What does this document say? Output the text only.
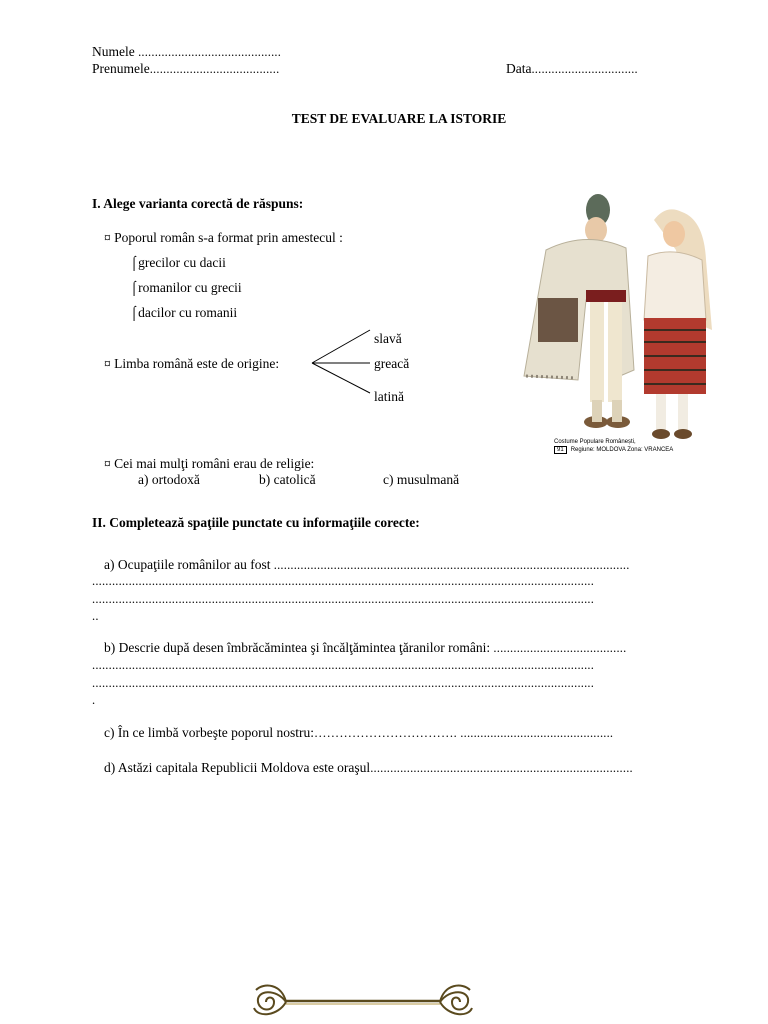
Numele ...........................................
Prenumele.......................................	Data................................
TEST DE EVALUARE LA ISTORIE
I. Alege varianta corectă de răspuns:
¤ Poporul român s-a format prin amestecul :
⌠grecilor cu dacii
⌠romanilor cu grecii
⌠dacilor cu romanii
¤ Limba română este de origine:
slavă
greacă
latină
¤ Cei mai mulţi români erau de religie:
a) ortodoxă	b) catolică	c) musulmană
Costume Populare Românești,
91 Regiune: MOLDOVA Zona: VRANCEA
II. Completează spaţiile punctate cu informaţiile corecte:
a) Ocupaţiile românilor au fost ...........................................................................................................
.......................................................................................................................................................
.......................................................................................................................................................
..
b) Descrie după desen îmbrăcămintea şi încălţămintea ţăranilor români: ........................................
.......................................................................................................................................................
.......................................................................................................................................................
.
c) În ce limbă vorbeşte poporul nostru:……………………………. ..............................................
d) Astăzi capitala Republicii Moldova este oraşul...............................................................................
